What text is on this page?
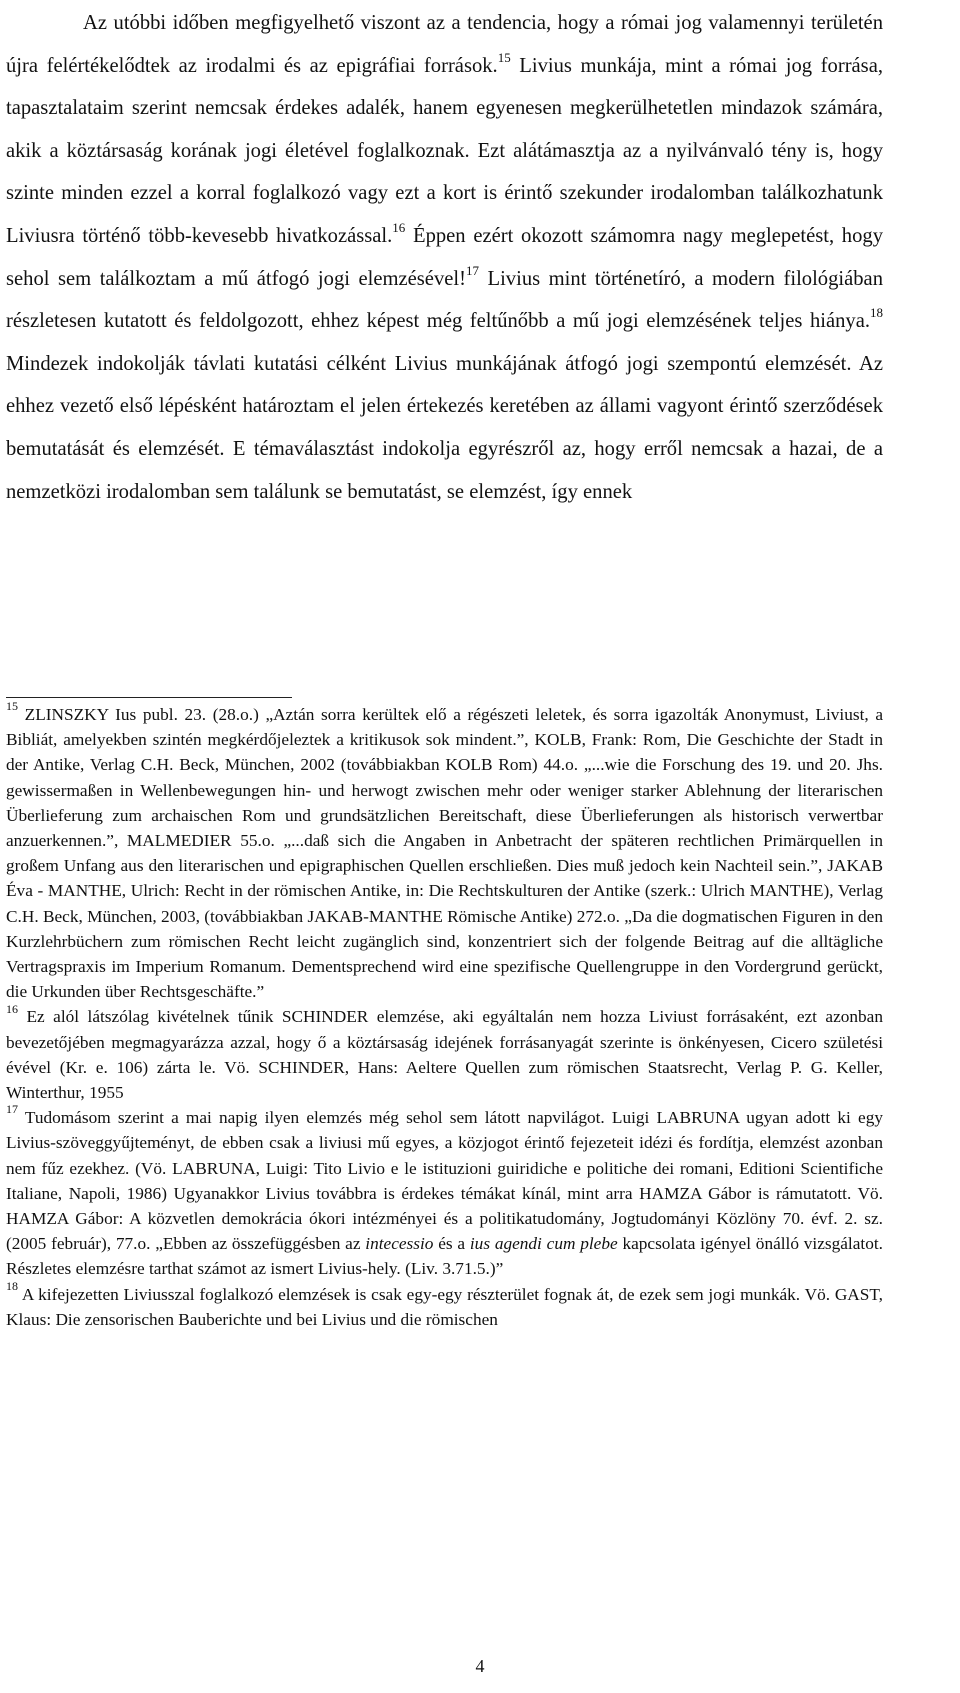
Az utóbbi időben megfigyelhető viszont az a tendencia, hogy a római jog valamennyi területén újra felértékelődtek az irodalmi és az epigráfiai források.$^{15}$ Livius munkája, mint a római jog forrása, tapasztalataim szerint nemcsak érdekes adalék, hanem egyenesen megkerülhetetlen mindazok számára, akik a köztársaság korának jogi életével foglalkoznak. Ezt alátámasztja az a nyilvánvaló tény is, hogy szinte minden ezzel a korral foglalkozó vagy ezt a kort is érintő szekunder irodalomban találkozhatunk Liviusra történő több-kevesebb hivatkozással.$^{16}$ Éppen ezért okozott számomra nagy meglepetést, hogy sehol sem találkoztam a mű átfogó jogi elemzésével!$^{17}$ Livius mint történetíró, a modern filológiában részletesen kutatott és feldolgozott, ehhez képest még feltűnőbb a mű jogi elemzésének teljes hiánya.$^{18}$ Mindezek indokolják távlati kutatási célként Livius munkájának átfogó jogi szempontú elemzését. Az ehhez vezető első lépésként határoztam el jelen értekezés keretében az állami vagyont érintő szerződések bemutatását és elemzését. E témaválasztást indokolja egyrészről az, hogy erről nemcsak a hazai, de a nemzetközi irodalomban sem találunk se bemutatást, se elemzést, így ennek

$^{15}$ ZLINSZKY Ius publ. 23. (28.o.) „Aztán sorra kerültek elő a régészeti leletek, és sorra igazolták Anonymust, Liviust, a Bibliát, amelyekben szintén megkérdőjeleztek a kritikusok sok mindent.”, KOLB, Frank: Rom, Die Geschichte der Stadt in der Antike, Verlag C.H. Beck, München, 2002 (továbbiakban KOLB Rom) 44.o. „...wie die Forschung des 19. und 20. Jhs. gewissermaßen in Wellenbewegungen hin- und herwogt zwischen mehr oder weniger starker Ablehnung der literarischen Überlieferung zum archaischen Rom und grundsätzlichen Bereitschaft, diese Überlieferungen als historisch verwertbar anzuerkennen.”, MALMEDIER 55.o. „...daß sich die Angaben in Anbetracht der späteren rechtlichen Primärquellen in großem Unfang aus den literarischen und epigraphischen Quellen erschließen. Dies muß jedoch kein Nachteil sein.”, JAKAB Éva - MANTHE, Ulrich: Recht in der römischen Antike, in: Die Rechtskulturen der Antike (szerk.: Ulrich MANTHE), Verlag C.H. Beck, München, 2003, (továbbiakban JAKAB-MANTHE Römische Antike) 272.o. „Da die dogmatischen Figuren in den Kurzlehrbüchern zum römischen Recht leicht zugänglich sind, konzentriert sich der folgende Beitrag auf die alltägliche Vertragspraxis im Imperium Romanum. Dementsprechend wird eine spezifische Quellengruppe in den Vordergrund gerückt, die Urkunden über Rechtsgeschäfte.”

$^{16}$ Ez alól látszólag kivételnek tűnik SCHINDER elemzése, aki egyáltalán nem hozza Liviust forrásaként, ezt azonban bevezetőjében megmagyarázza azzal, hogy ő a köztársaság idejének forrásanyagát szerinte is önkényesen, Cicero születési évével (Kr. e. 106) zárta le. Vö. SCHINDER, Hans: Aeltere Quellen zum römischen Staatsrecht, Verlag P. G. Keller, Winterthur, 1955

$^{17}$ Tudomásom szerint a mai napig ilyen elemzés még sehol sem látott napvilágot. Luigi LABRUNA ugyan adott ki egy Livius-szöveggyűjteményt, de ebben csak a liviusi mű egyes, a közjogot érintő fejezeteit idézi és fordítja, elemzést azonban nem fűz ezekhez. (Vö. LABRUNA, Luigi: Tito Livio e le istituzioni guiridiche e politiche dei romani, Editioni Scientifiche Italiane, Napoli, 1986) Ugyanakkor Livius továbbra is érdekes témákat kínál, mint arra HAMZA Gábor is rámutatott. Vö. HAMZA Gábor: A közvetlen demokrácia ókori intézményei és a politikatudomány, Jogtudományi Közlöny 70. évf. 2. sz. (2005 február), 77.o. „Ebben az összefüggésben az intecessio és a ius agendi cum plebe kapcsolata igényel önálló vizsgálatot. Részletes elemzésre tarthat számot az ismert Livius-hely. (Liv. 3.71.5.)”

$^{18}$ A kifejezetten Liviusszal foglalkozó elemzések is csak egy-egy részterület fognak át, de ezek sem jogi munkák. Vö. GAST, Klaus: Die zensorischen Bauberichte und bei Livius und die römischen

4
